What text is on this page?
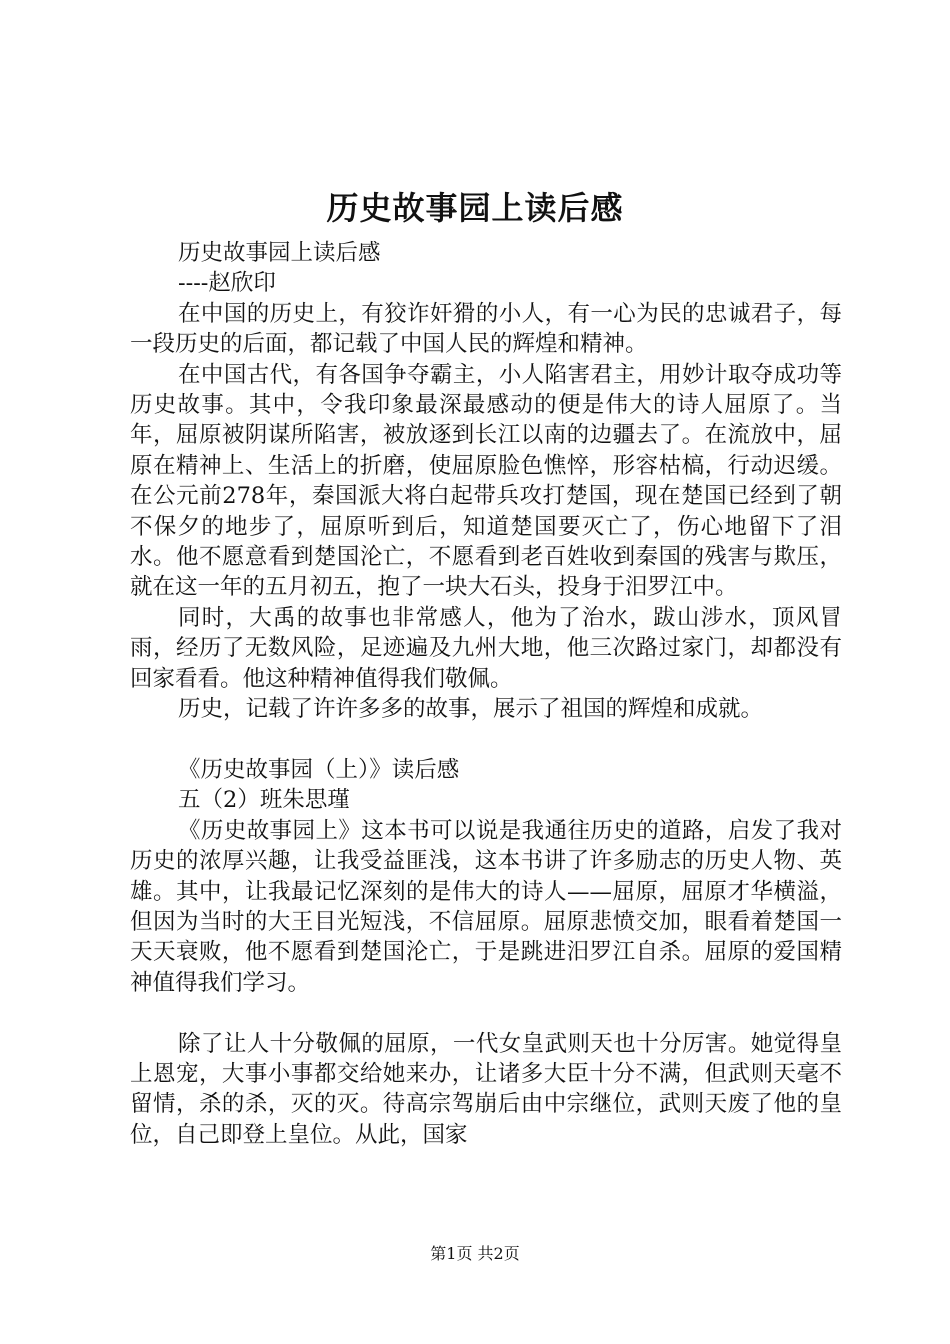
历史故事园上读后感
历史故事园上读后感
----赵欣印
在中国的历史上，有狡诈奸猾的小人，有一心为民的忠诚君子，每一段历史的后面，都记载了中国人民的辉煌和精神。
在中国古代，有各国争夺霸主，小人陷害君主，用妙计取夺成功等历史故事。其中，令我印象最深最感动的便是伟大的诗人屈原了。当年，屈原被阴谋所陷害，被放逐到长江以南的边疆去了。在流放中，屈原在精神上、生活上的折磨，使屈原脸色憔悴，形容枯槁，行动迟缓。在公元前278年，秦国派大将白起带兵攻打楚国，现在楚国已经到了朝不保夕的地步了，屈原听到后，知道楚国要灭亡了，伤心地留下了泪水。他不愿意看到楚国沦亡，不愿看到老百姓收到秦国的残害与欺压，就在这一年的五月初五，抱了一块大石头，投身于汨罗江中。
同时，大禹的故事也非常感人，他为了治水，跋山涉水，顶风冒雨，经历了无数风险，足迹遍及九州大地，他三次路过家门，却都没有回家看看。他这种精神值得我们敬佩。
历史，记载了许许多多的故事，展示了祖国的辉煌和成就。
《历史故事园（上）》读后感
五（2）班朱思瑾
《历史故事园上》这本书可以说是我通往历史的道路，启发了我对历史的浓厚兴趣，让我受益匪浅，这本书讲了许多励志的历史人物、英雄。其中，让我最记忆深刻的是伟大的诗人——屈原，屈原才华横溢，但因为当时的大王目光短浅，不信屈原。屈原悲愤交加，眼看着楚国一天天衰败，他不愿看到楚国沦亡，于是跳进汨罗江自杀。屈原的爱国精神值得我们学习。
除了让人十分敬佩的屈原，一代女皇武则天也十分厉害。她觉得皇上恩宠，大事小事都交给她来办，让诸多大臣十分不满，但武则天毫不留情，杀的杀，灭的灭。待高宗驾崩后由中宗继位，武则天废了他的皇位，自己即登上皇位。从此，国家
第1页 共2页
